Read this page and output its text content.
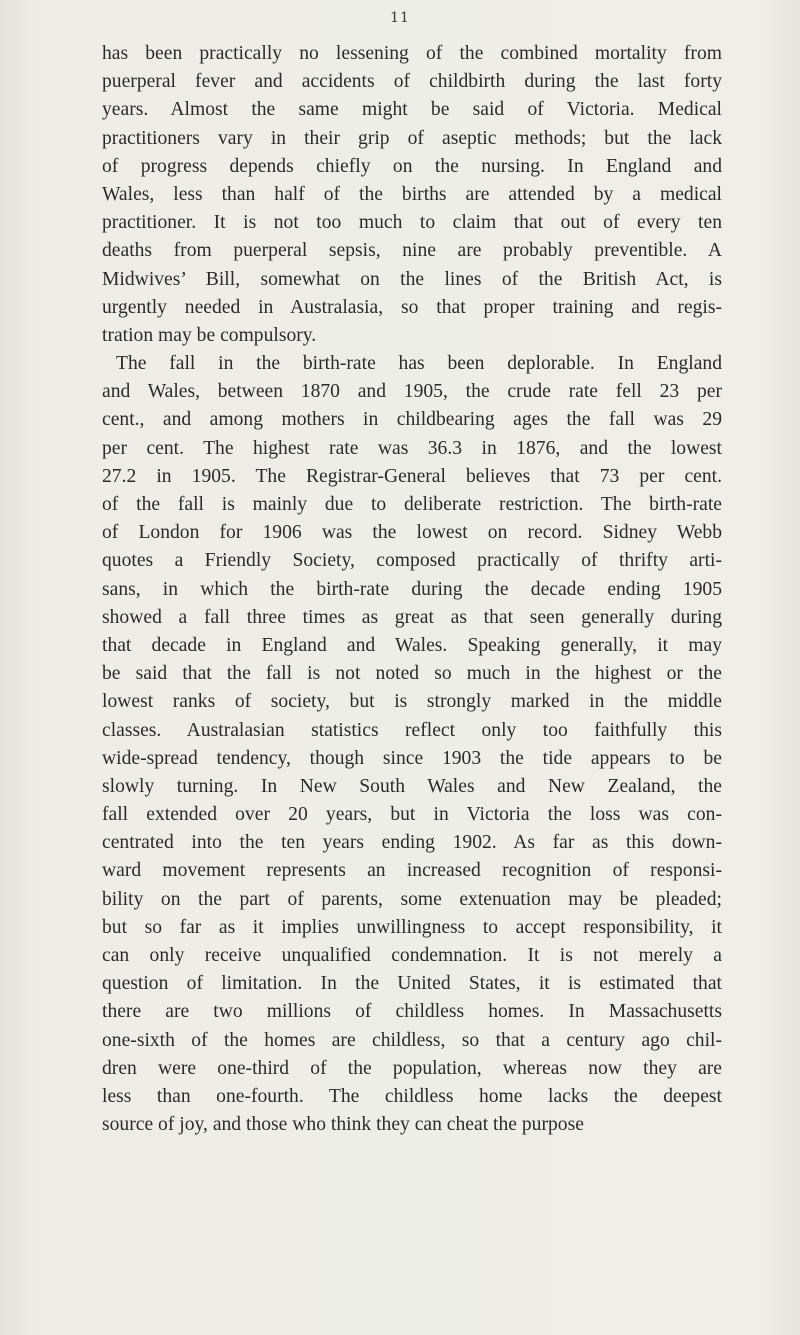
11
has been practically no lessening of the combined mortality from
puerperal fever and accidents of childbirth during the last forty
years. Almost the same might be said of Victoria. Medical
practitioners vary in their grip of aseptic methods; but the lack
of progress depends chiefly on the nursing. In England and
Wales, less than half of the births are attended by a medical
practitioner. It is not too much to claim that out of every ten
deaths from puerperal sepsis, nine are probably preventible. A
Midwives’ Bill, somewhat on the lines of the British Act, is
urgently needed in Australasia, so that proper training and regis-
tration may be compulsory.
The fall in the birth-rate has been deplorable. In England
and Wales, between 1870 and 1905, the crude rate fell 23 per
cent., and among mothers in childbearing ages the fall was 29
per cent. The highest rate was 36.3 in 1876, and the lowest
27.2 in 1905. The Registrar-General believes that 73 per cent.
of the fall is mainly due to deliberate restriction. The birth-rate
of London for 1906 was the lowest on record. Sidney Webb
quotes a Friendly Society, composed practically of thrifty arti-
sans, in which the birth-rate during the decade ending 1905
showed a fall three times as great as that seen generally during
that decade in England and Wales. Speaking generally, it may
be said that the fall is not noted so much in the highest or the
lowest ranks of society, but is strongly marked in the middle
classes. Australasian statistics reflect only too faithfully this
wide-spread tendency, though since 1903 the tide appears to be
slowly turning. In New South Wales and New Zealand, the
fall extended over 20 years, but in Victoria the loss was con-
centrated into the ten years ending 1902. As far as this down-
ward movement represents an increased recognition of responsi-
bility on the part of parents, some extenuation may be pleaded;
but so far as it implies unwillingness to accept responsibility, it
can only receive unqualified condemnation. It is not merely a
question of limitation. In the United States, it is estimated that
there are two millions of childless homes. In Massachusetts
one-sixth of the homes are childless, so that a century ago chil-
dren were one-third of the population, whereas now they are
less than one-fourth. The childless home lacks the deepest
source of joy, and those who think they can cheat the purpose
